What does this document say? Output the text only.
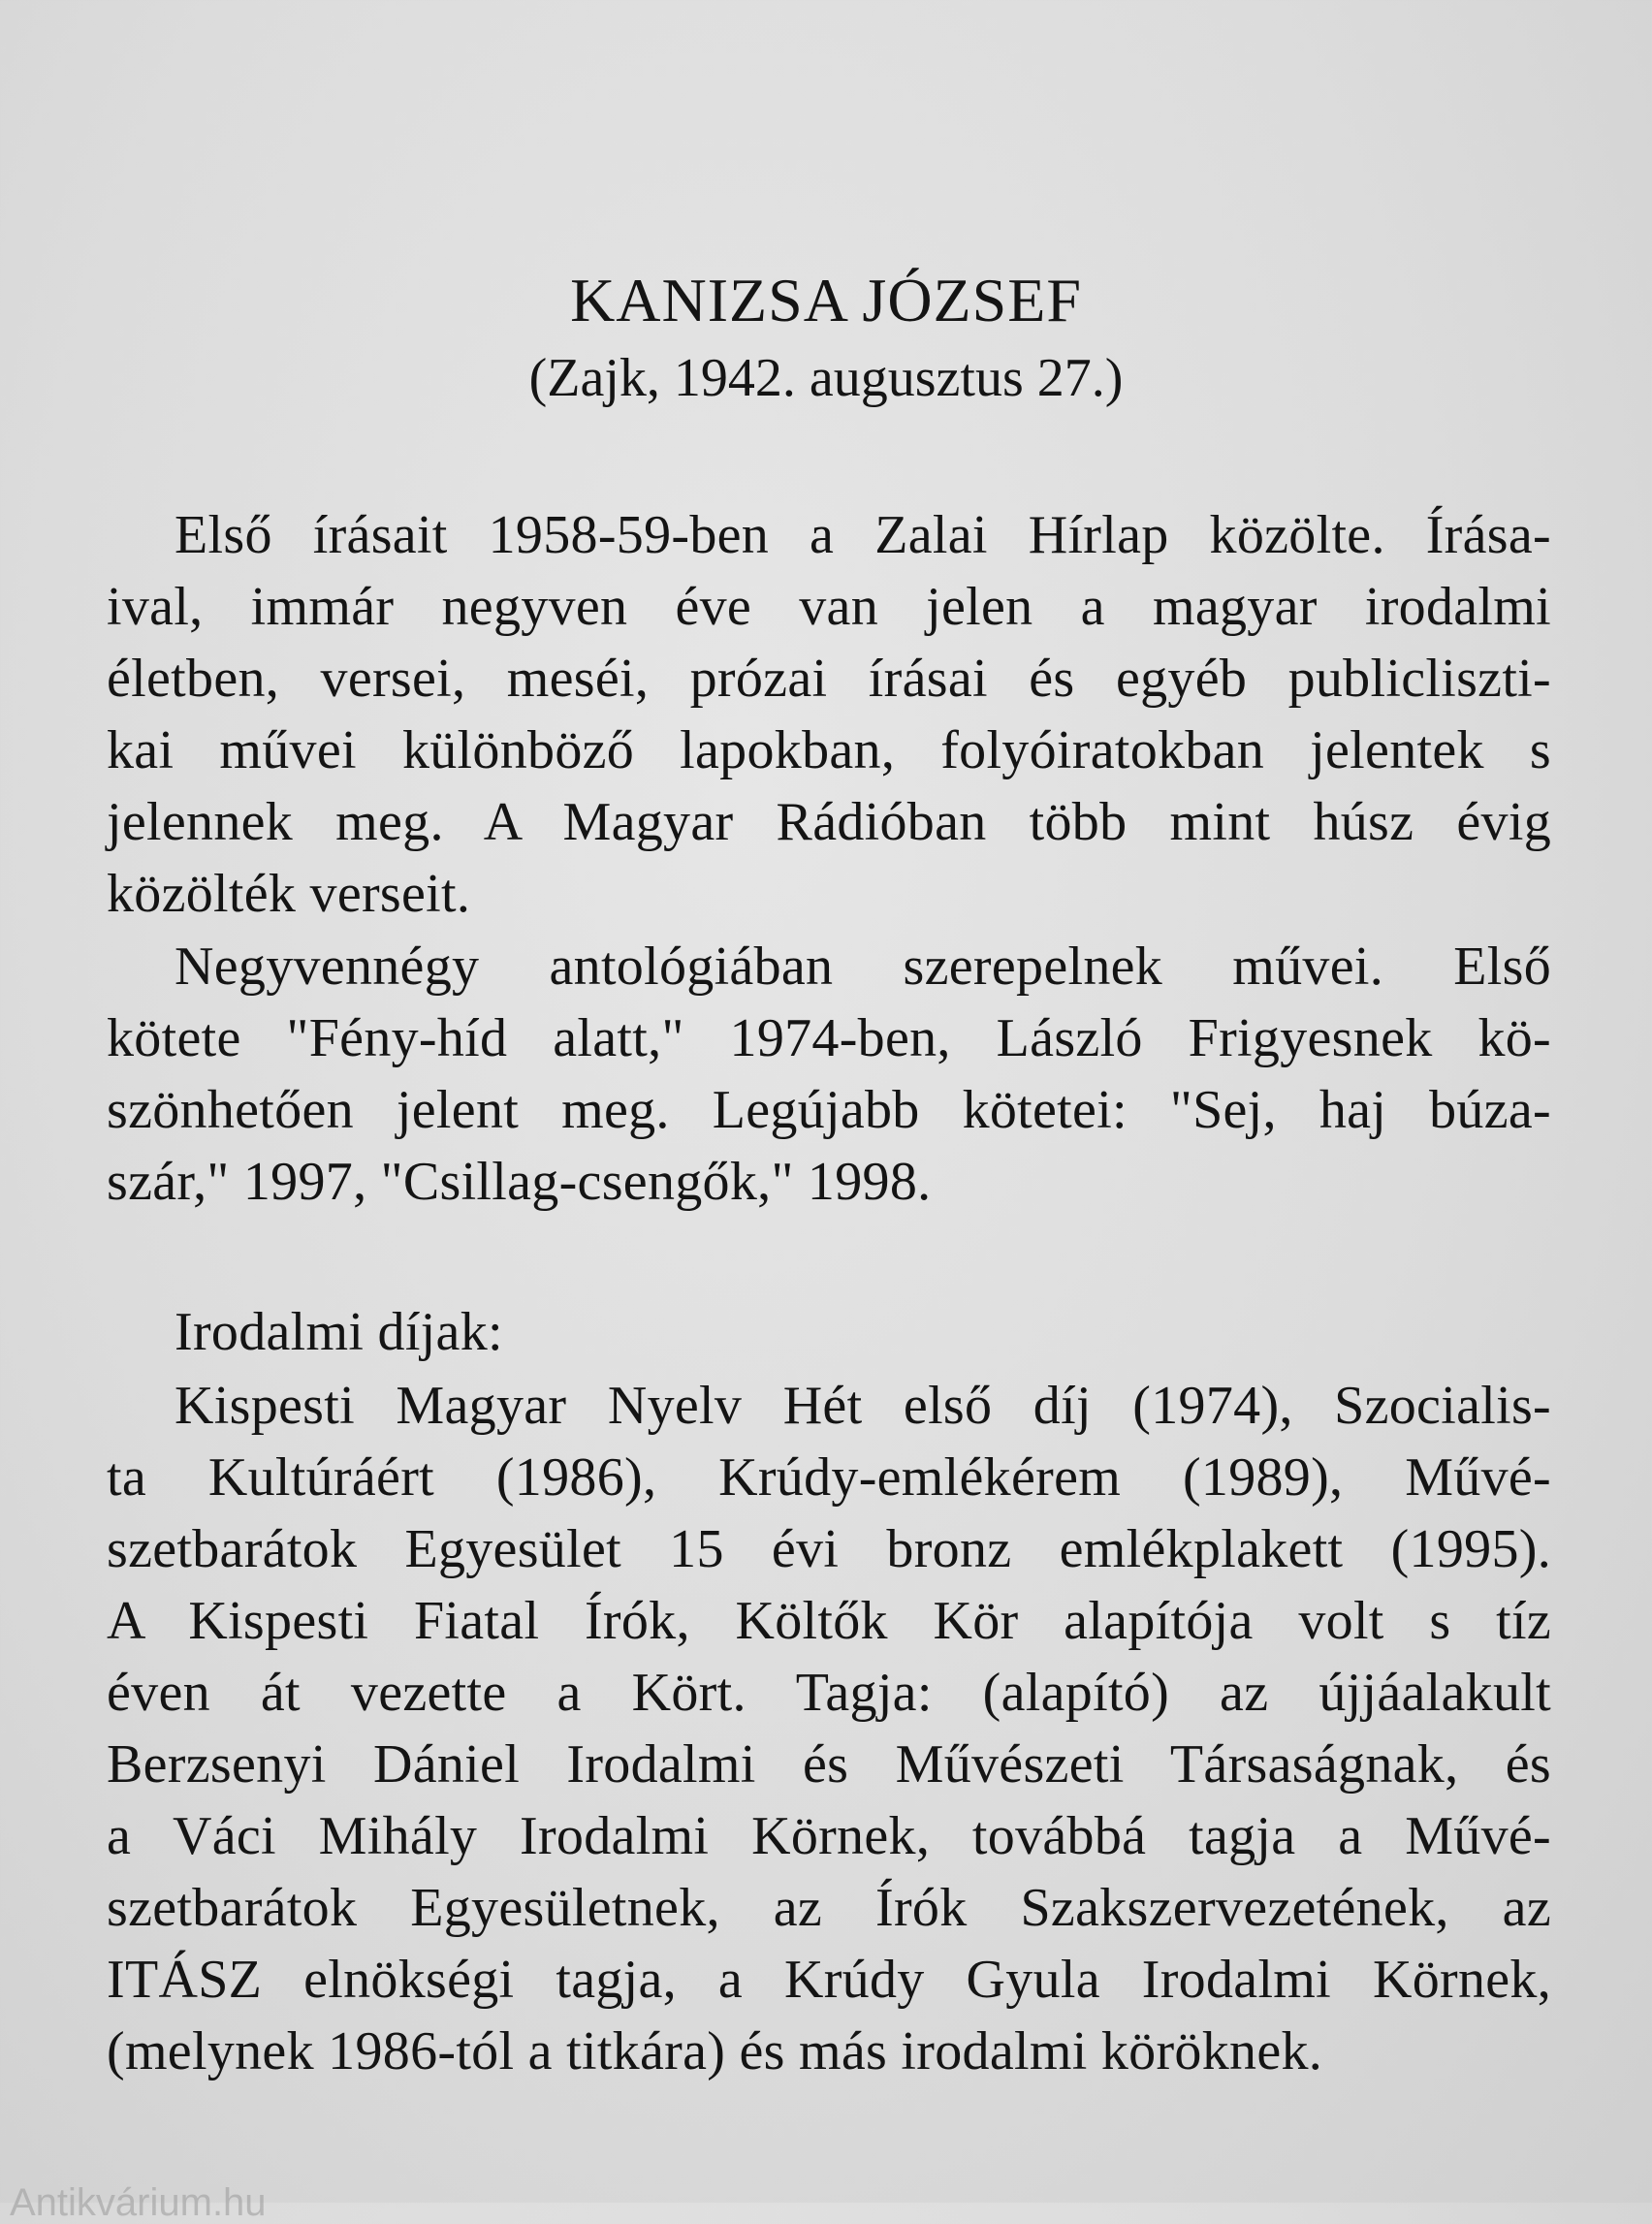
KANIZSA JÓZSEF
(Zajk, 1942. augusztus 27.)
Első írásait 1958-59-ben a Zalai Hírlap közölte. Írása-
ival, immár negyven éve van jelen a magyar irodalmi
életben, versei, meséi, prózai írásai és egyéb publicliszti-
kai művei különböző lapokban, folyóiratokban jelentek s
jelennek meg. A Magyar Rádióban több mint húsz évig
közölték verseit.
Negyvennégy antológiában szerepelnek művei. Első
kötete "Fény-híd alatt," 1974-ben, László Frigyesnek kö-
szönhetően jelent meg. Legújabb kötetei: "Sej, haj búza-
szár," 1997, "Csillag-csengők," 1998.
Irodalmi díjak:
Kispesti Magyar Nyelv Hét első díj (1974), Szocialis-
ta Kultúráért (1986), Krúdy-emlékérem (1989), Művé-
szetbarátok Egyesület 15 évi bronz emlékplakett (1995).
A Kispesti Fiatal Írók, Költők Kör alapítója volt s tíz
éven át vezette a Kört. Tagja: (alapító) az újjáalakult
Berzsenyi Dániel Irodalmi és Művészeti Társaságnak, és
a Váci Mihály Irodalmi Körnek, továbbá tagja a Művé-
szetbarátok Egyesületnek, az Írók Szakszervezetének, az
ITÁSZ elnökségi tagja, a Krúdy Gyula Irodalmi Körnek,
(melynek 1986-tól a titkára) és más irodalmi köröknek.
Antikvárium.hu
